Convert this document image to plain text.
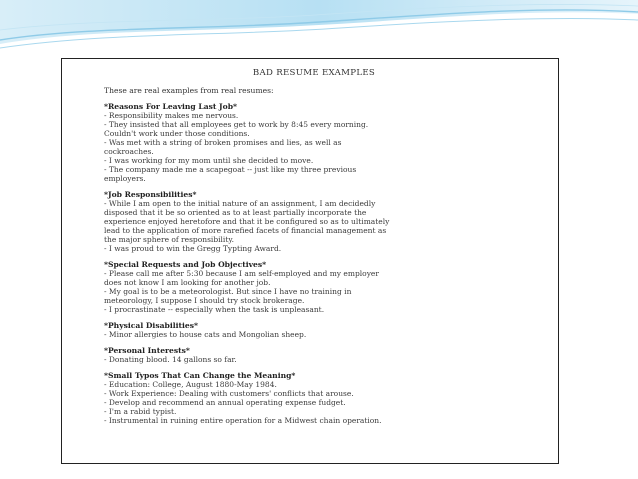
BAD RESUME EXAMPLES
These are real examples from real resumes:
*Reasons For Leaving Last Job*
- Responsibility makes me nervous.
- They insisted that all employees get to work by 8:45 every morning.
Couldn't work under those conditions.
- Was met with a string of broken promises and lies, as well as
cockroaches.
- I was working for my mom until she decided to move.
- The company made me a scapegoat -- just like my three previous
employers.
*Job Responsibilities*
- While I am open to the initial nature of an assignment, I am decidedly
disposed that it be so oriented as to at least partially incorporate the
experience enjoyed heretofore and that it be configured so as to ultimately
lead to the application of more rarefied facets of financial management as
the major sphere of responsibility.
- I was proud to win the Gregg Typting Award.
*Special Requests and Job Objectives*
- Please call me after 5:30 because I am self-employed and my employer
does not know I am looking for another job.
- My goal is to be a meteorologist. But since I have no training in
meteorology, I suppose I should try stock brokerage.
- I procrastinate -- especially when the task is unpleasant.
*Physical Disabilities*
- Minor allergies to house cats and Mongolian sheep.
*Personal Interests*
- Donating blood. 14 gallons so far.
*Small Typos That Can Change the Meaning*
- Education: College, August 1880-May 1984.
- Work Experience: Dealing with customers' conflicts that arouse.
- Develop and recommend an annual operating expense fudget.
- I'm a rabid typist.
- Instrumental in ruining entire operation for a Midwest chain operation.
